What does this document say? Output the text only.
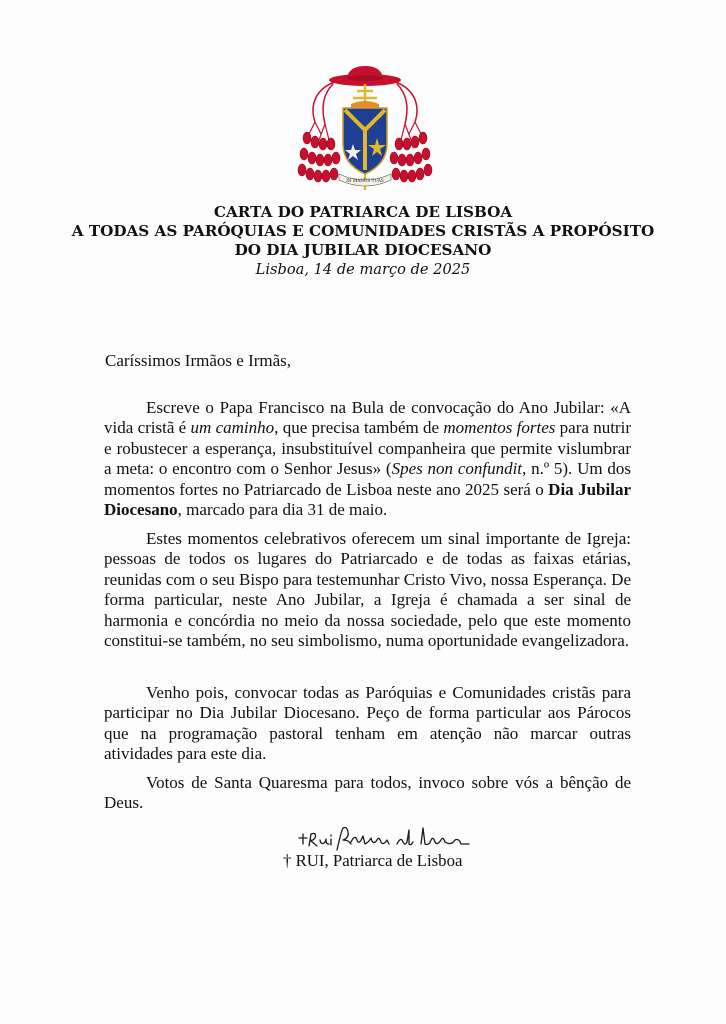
IN MANUS TUAS
CARTA DO PATRIARCA DE LISBOA
A TODAS AS PARÓQUIAS E COMUNIDADES CRISTÃS A PROPÓSITO
DO DIA JUBILAR DIOCESANO
Lisboa, 14 de março de 2025
Caríssimos Irmãos e Irmãs,

Escreve o Papa Francisco na Bula de convocação do Ano Jubilar: «A vida cristã é um caminho, que precisa também de momentos fortes para nutrir e robustecer a esperança, insubstituível companheira que permite vislumbrar a meta: o encontro com o Senhor Jesus» (Spes non confundit, n.º 5). Um dos momentos fortes no Patriarcado de Lisboa neste ano 2025 será o Dia Jubilar Diocesano, marcado para dia 31 de maio.

Estes momentos celebrativos oferecem um sinal importante de Igreja: pessoas de todos os lugares do Patriarcado e de todas as faixas etárias, reunidas com o seu Bispo para testemunhar Cristo Vivo, nossa Esperança. De forma particular, neste Ano Jubilar, a Igreja é chamada a ser sinal de harmonia e concórdia no meio da nossa sociedade, pelo que este momento constitui-se também, no seu simbolismo, numa oportunidade evangelizadora.

Venho pois, convocar todas as Paróquias e Comunidades cristãs para participar no Dia Jubilar Diocesano. Peço de forma particular aos Párocos que na programação pastoral tenham em atenção não marcar outras atividades para este dia.

Votos de Santa Quaresma para todos, invoco sobre vós a bênção de Deus.

† RUI, Patriarca de Lisboa
